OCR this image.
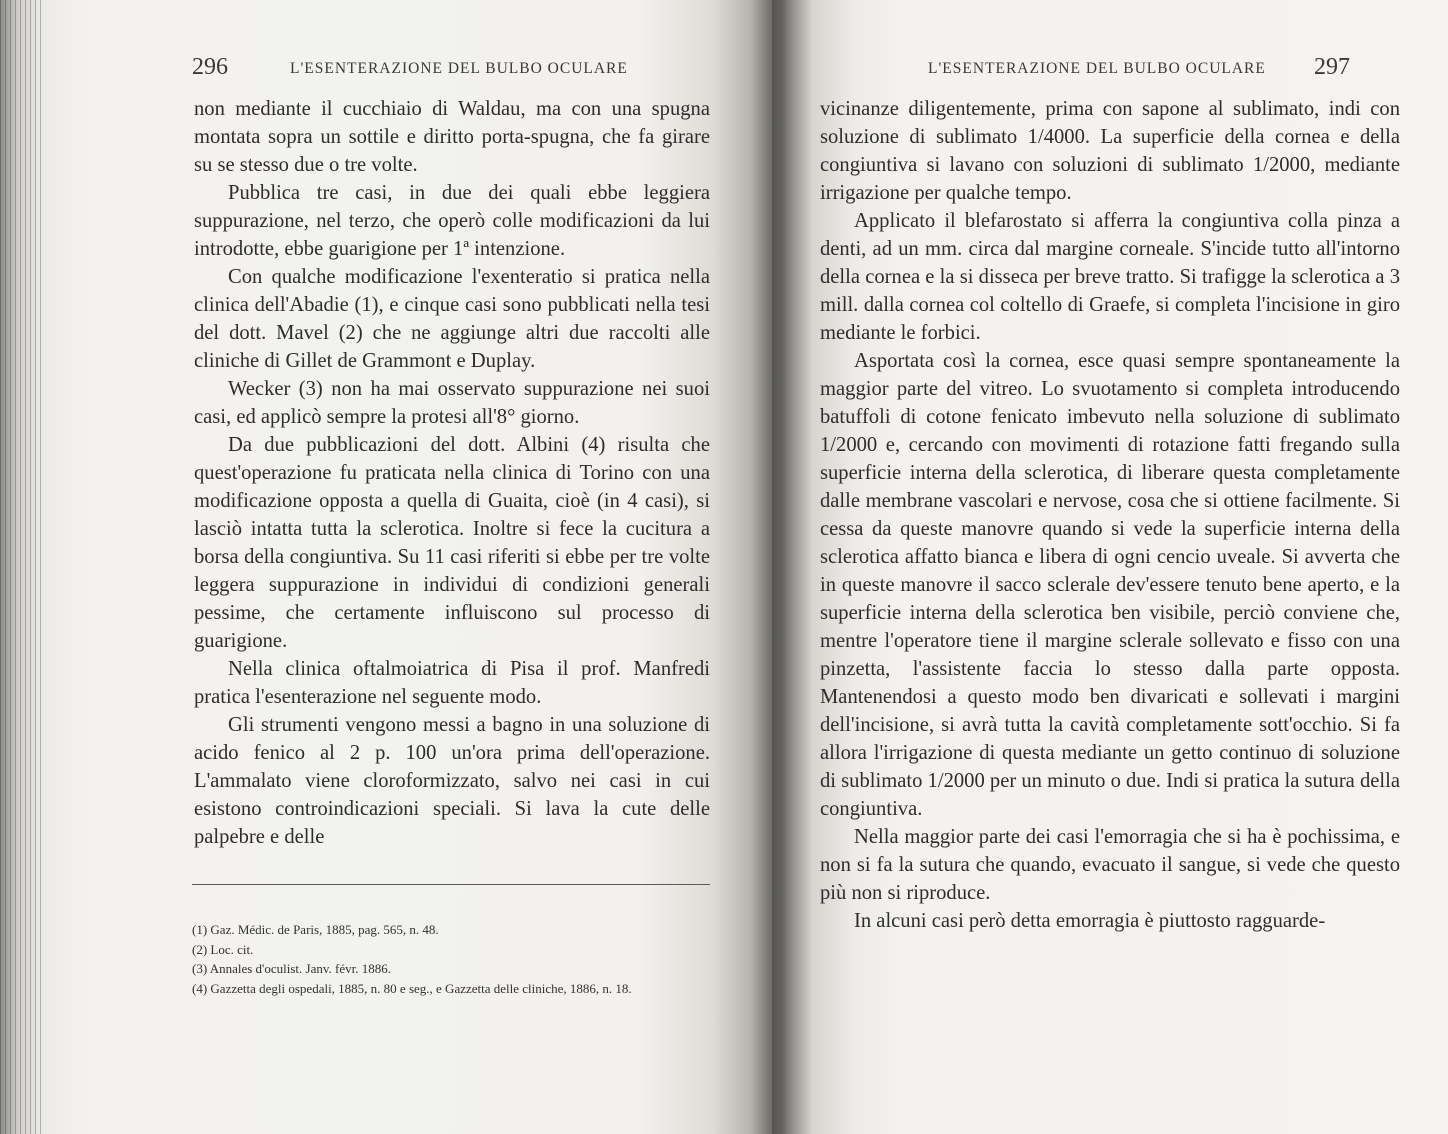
296	L'ESENTERAZIONE DEL BULBO OCULARE

non mediante il cucchiaio di Waldau, ma con una spugna montata sopra un sottile e diritto porta-spugna, che fa girare su se stesso due o tre volte.

Pubblica tre casi, in due dei quali ebbe leggiera suppurazione, nel terzo, che operò colle modificazioni da lui introdotte, ebbe guarigione per 1ª intenzione.

Con qualche modificazione l'exenteratio si pratica nella clinica dell'Abadie (1), e cinque casi sono pubblicati nella tesi del dott. Mavel (2) che ne aggiunge altri due raccolti alle cliniche di Gillet de Grammont e Duplay.

Wecker (3) non ha mai osservato suppurazione nei suoi casi, ed applicò sempre la protesi all'8° giorno.

Da due pubblicazioni del dott. Albini (4) risulta che quest'operazione fu praticata nella clinica di Torino con una modificazione opposta a quella di Guaita, cioè (in 4 casi), si lasciò intatta tutta la sclerotica. Inoltre si fece la cucitura a borsa della congiuntiva. Su 11 casi riferiti si ebbe per tre volte leggera suppurazione in individui di condizioni generali pessime, che certamente influiscono sul processo di guarigione.

Nella clinica oftalmoiatrica di Pisa il prof. Manfredi pratica l'esenterazione nel seguente modo.

Gli strumenti vengono messi a bagno in una soluzione di acido fenico al 2 p. 100 un'ora prima dell'operazione. L'ammalato viene cloroformizzato, salvo nei casi in cui esistono controindicazioni speciali. Si lava la cute delle palpebre e delle

(1) Gaz. Médic. de Paris, 1885, pag. 565, n. 48.
(2) Loc. cit.
(3) Annales d'oculist. Janv. févr. 1886.
(4) Gazzetta degli ospedali, 1885, n. 80 e seg., e Gazzetta delle cliniche, 1886, n. 18.
L'ESENTERAZIONE DEL BULBO OCULARE 297

vicinanze diligentemente, prima con sapone al sublimato, indi con soluzione di sublimato 1/4000. La superficie della cornea e della congiuntiva si lavano con soluzioni di sublimato 1/2000, mediante irrigazione per qualche tempo.

Applicato il blefarostato si afferra la congiuntiva colla pinza a denti, ad un mm. circa dal margine corneale. S'incide tutto all'intorno della cornea e la si disseca per breve tratto. Si trafigge la sclerotica a 3 mill. dalla cornea col coltello di Graefe, si completa l'incisione in giro mediante le forbici.

Asportata così la cornea, esce quasi sempre spontaneamente la maggior parte del vitreo. Lo svuotamento si completa introducendo batuffoli di cotone fenicato imbevuto nella soluzione di sublimato 1/2000 e, cercando con movimenti di rotazione fatti fregando sulla superficie interna della sclerotica, di liberare questa completamente dalle membrane vascolari e nervose, cosa che si ottiene facilmente. Si cessa da queste manovre quando si vede la superficie interna della sclerotica affatto bianca e libera di ogni cencio uveale. Si avverta che in queste manovre il sacco sclerale dev'essere tenuto bene aperto, e la superficie interna della sclerotica ben visibile, perciò conviene che, mentre l'operatore tiene il margine sclerale sollevato e fisso con una pinzetta, l'assistente faccia lo stesso dalla parte opposta. Mantenendosi a questo modo ben divaricati e sollevati i margini dell'incisione, si avrà tutta la cavità completamente sott'occhio. Si fa allora l'irrigazione di questa mediante un getto continuo di soluzione di sublimato 1/2000 per un minuto o due. Indi si pratica la sutura della congiuntiva.

Nella maggior parte dei casi l'emorragia che si ha è pochissima, e non si fa la sutura che quando, evacuato il sangue, si vede che questo più non si riproduce.

In alcuni casi però detta emorragia è piuttosto ragguarde-
